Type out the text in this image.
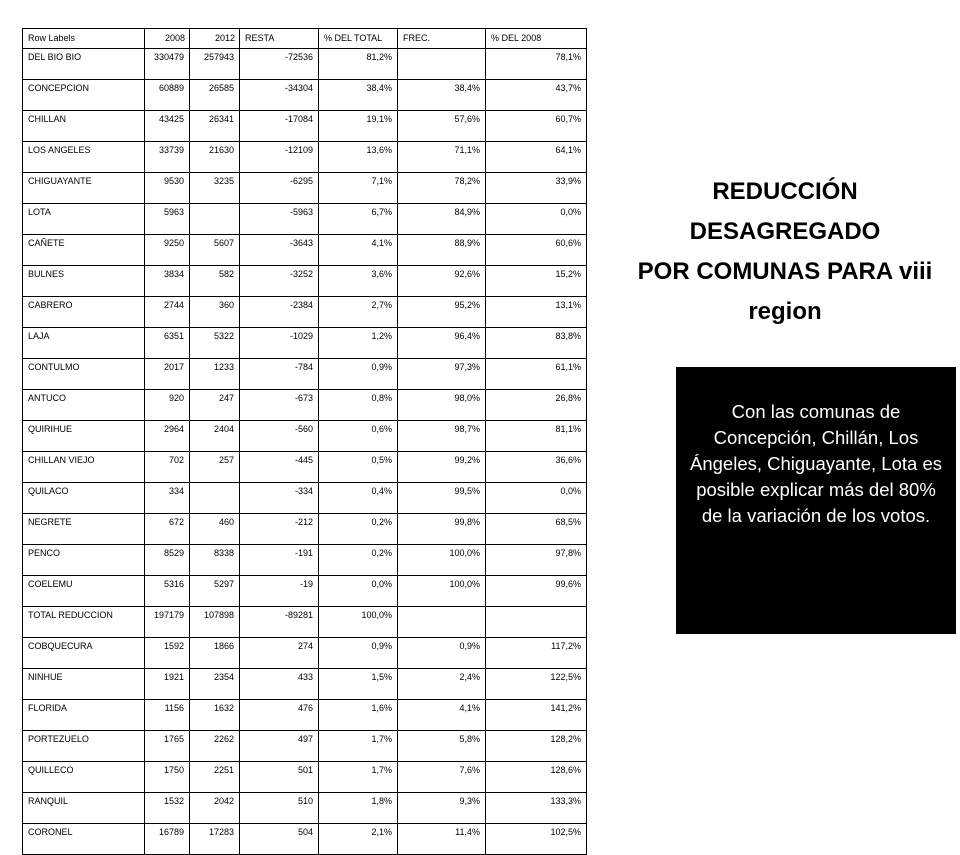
Row Labels	2008	2012	RESTA	% DEL TOTAL	FREC.	% DEL 2008
DEL BIO BIO	330479	257943	-72536	81,2%		78,1%
CONCEPCION	60889	26585	-34304	38,4%	38,4%	43,7%
CHILLAN	43425	26341	-17084	19,1%	57,6%	60,7%
LOS ANGELES	33739	21630	-12109	13,6%	71,1%	64,1%
CHIGUAYANTE	9530	3235	-6295	7,1%	78,2%	33,9%
LOTA	5963		-5963	6,7%	84,9%	0,0%
CAÑETE	9250	5607	-3643	4,1%	88,9%	60,6%
BULNES	3834	582	-3252	3,6%	92,6%	15,2%
CABRERO	2744	360	-2384	2,7%	95,2%	13,1%
LAJA	6351	5322	-1029	1,2%	96,4%	83,8%
CONTULMO	2017	1233	-784	0,9%	97,3%	61,1%
ANTUCO	920	247	-673	0,8%	98,0%	26,8%
QUIRIHUE	2964	2404	-560	0,6%	98,7%	81,1%
CHILLAN VIEJO	702	257	-445	0,5%	99,2%	36,6%
QUILACO	334		-334	0,4%	99,5%	0,0%
NEGRETE	672	460	-212	0,2%	99,8%	68,5%
PENCO	8529	8338	-191	0,2%	100,0%	97,8%
COELEMU	5316	5297	-19	0,0%	100,0%	99,6%
TOTAL REDUCCION	197179	107898	-89281	100,0%		
COBQUECURA	1592	1866	274	0,9%	0,9%	117,2%
NINHUE	1921	2354	433	1,5%	2,4%	122,5%
FLORIDA	1156	1632	476	1,6%	4,1%	141,2%
PORTEZUELO	1765	2262	497	1,7%	5,8%	128,2%
QUILLECO	1750	2251	501	1,7%	7,6%	128,6%
RANQUIL	1532	2042	510	1,8%	9,3%	133,3%
CORONEL	16789	17283	504	2,1%	11,4%	102,5%
REDUCCIÓN
DESAGREGADO
POR COMUNAS PARA viii
region
Con las comunas de Concepción, Chillán, Los Ángeles, Chiguayante, Lota es posible explicar más del 80% de la variación de los votos.
